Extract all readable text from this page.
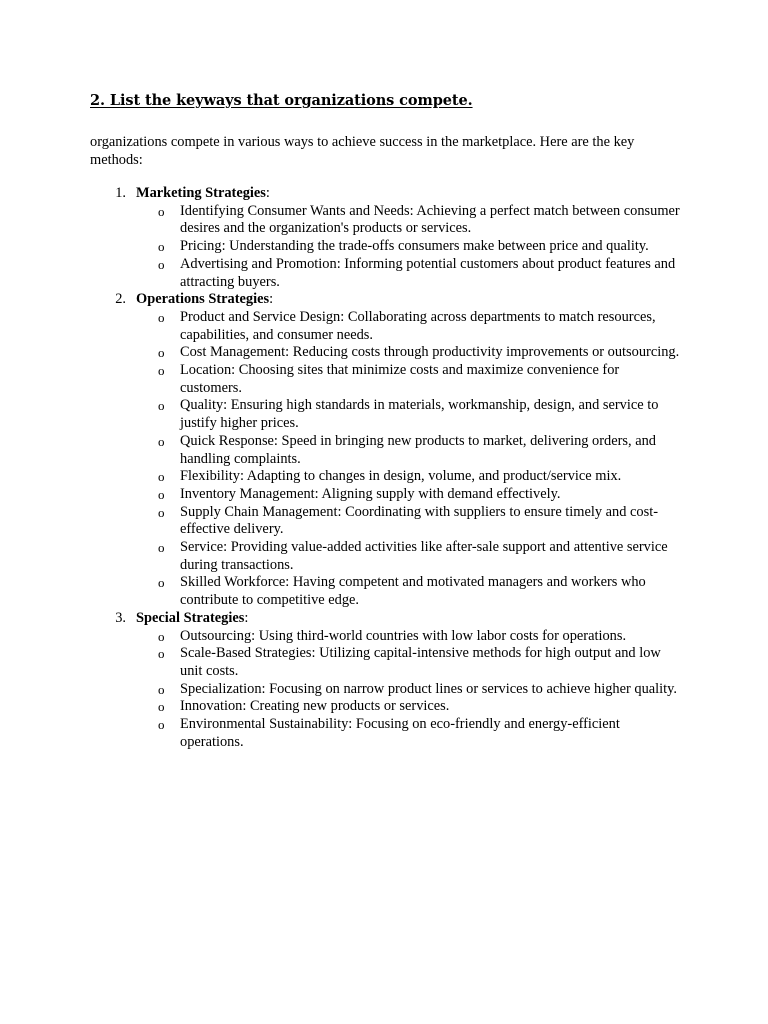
2. List the keyways that organizations compete.

organizations compete in various ways to achieve success in the marketplace. Here are the key methods:

1. Marketing Strategies :
o Identifying Consumer Wants and Needs: Achieving a perfect match between consumer desires and the organization's products or services.
o Pricing: Understanding the trade-offs consumers make between price and quality.
o Advertising and Promotion: Informing potential customers about product features and attracting buyers.
2. Operations Strategies :
o Product and Service Design: Collaborating across departments to match resources, capabilities, and consumer needs.
o Cost Management: Reducing costs through productivity improvements or outsourcing.
o Location: Choosing sites that minimize costs and maximize convenience for customers.
o Quality: Ensuring high standards in materials, workmanship, design, and service to justify higher prices.
o Quick Response: Speed in bringing new products to market, delivering orders, and handling complaints.
o Flexibility: Adapting to changes in design, volume, and product/service mix.
o Inventory Management: Aligning supply with demand effectively.
o Supply Chain Management: Coordinating with suppliers to ensure timely and cost-effective delivery.
o Service: Providing value-added activities like after-sale support and attentive service during transactions.
o Skilled Workforce: Having competent and motivated managers and workers who contribute to competitive edge.
3. Special Strategies :
o Outsourcing: Using third-world countries with low labor costs for operations.
o Scale-Based Strategies: Utilizing capital-intensive methods for high output and low unit costs.
o Specialization: Focusing on narrow product lines or services to achieve higher quality.
o Innovation: Creating new products or services.
o Environmental Sustainability: Focusing on eco-friendly and energy-efficient operations.
